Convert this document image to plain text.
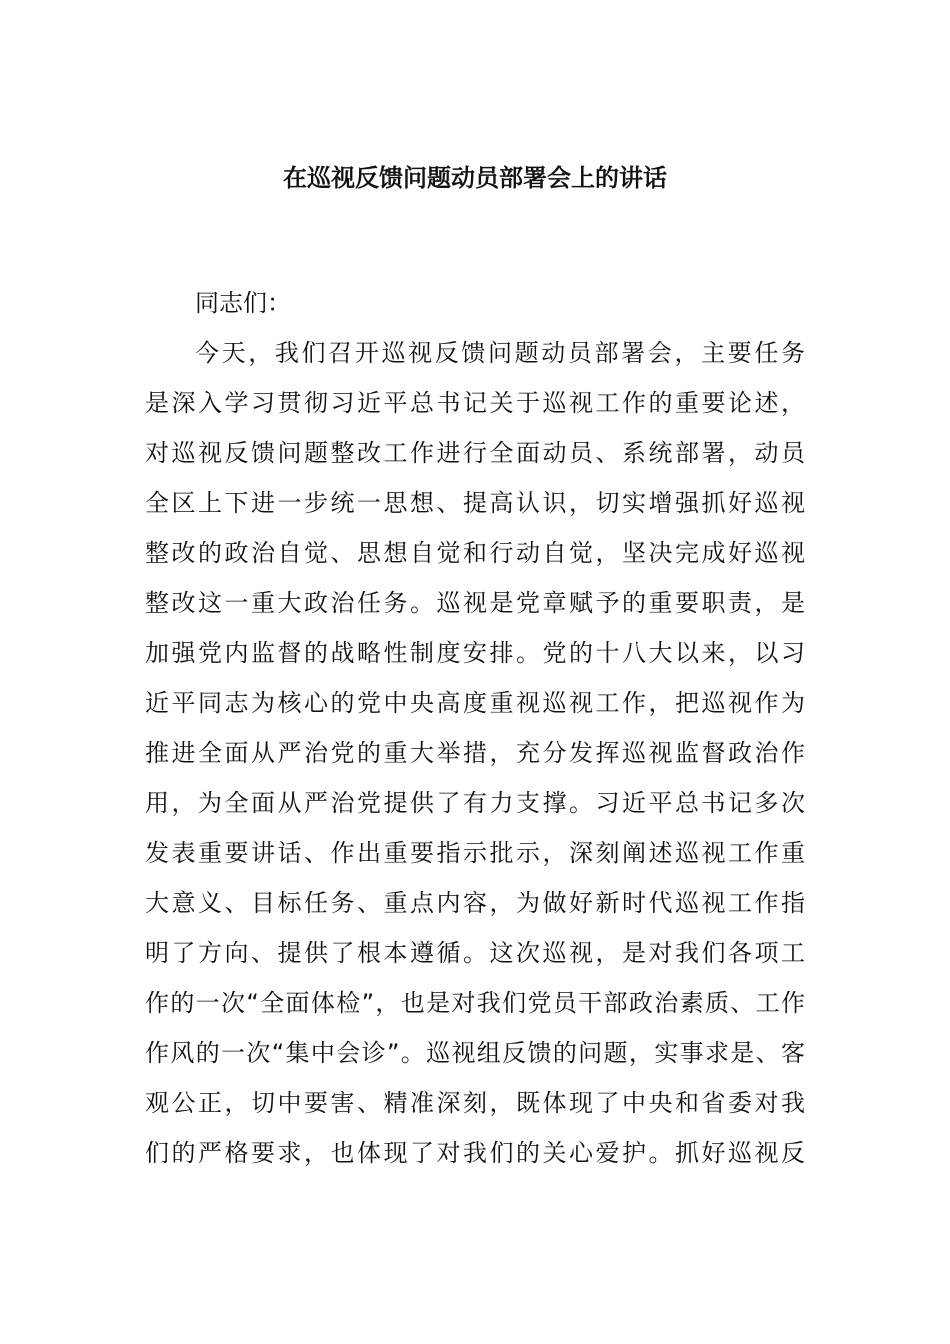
在巡视反馈问题动员部署会上的讲话

同志们：

今天，我们召开巡视反馈问题动员部署会，主要任务
是深入学习贯彻习近平总书记关于巡视工作的重要论述，
对巡视反馈问题整改工作进行全面动员、系统部署，动员
全区上下进一步统一思想、提高认识，切实增强抓好巡视
整改的政治自觉、思想自觉和行动自觉，坚决完成好巡视
整改这一重大政治任务。巡视是党章赋予的重要职责，是
加强党内监督的战略性制度安排。党的十八大以来，以习
近平同志为核心的党中央高度重视巡视工作，把巡视作为
推进全面从严治党的重大举措，充分发挥巡视监督政治作
用，为全面从严治党提供了有力支撑。习近平总书记多次
发表重要讲话、作出重要指示批示，深刻阐述巡视工作重
大意义、目标任务、重点内容，为做好新时代巡视工作指
明了方向、提供了根本遵循。这次巡视，是对我们各项工
作的一次“全面体检”，也是对我们党员干部政治素质、工作
作风的一次“集中会诊”。巡视组反馈的问题，实事求是、客
观公正，切中要害、精准深刻，既体现了中央和省委对我
们的严格要求，也体现了对我们的关心爱护。抓好巡视反
